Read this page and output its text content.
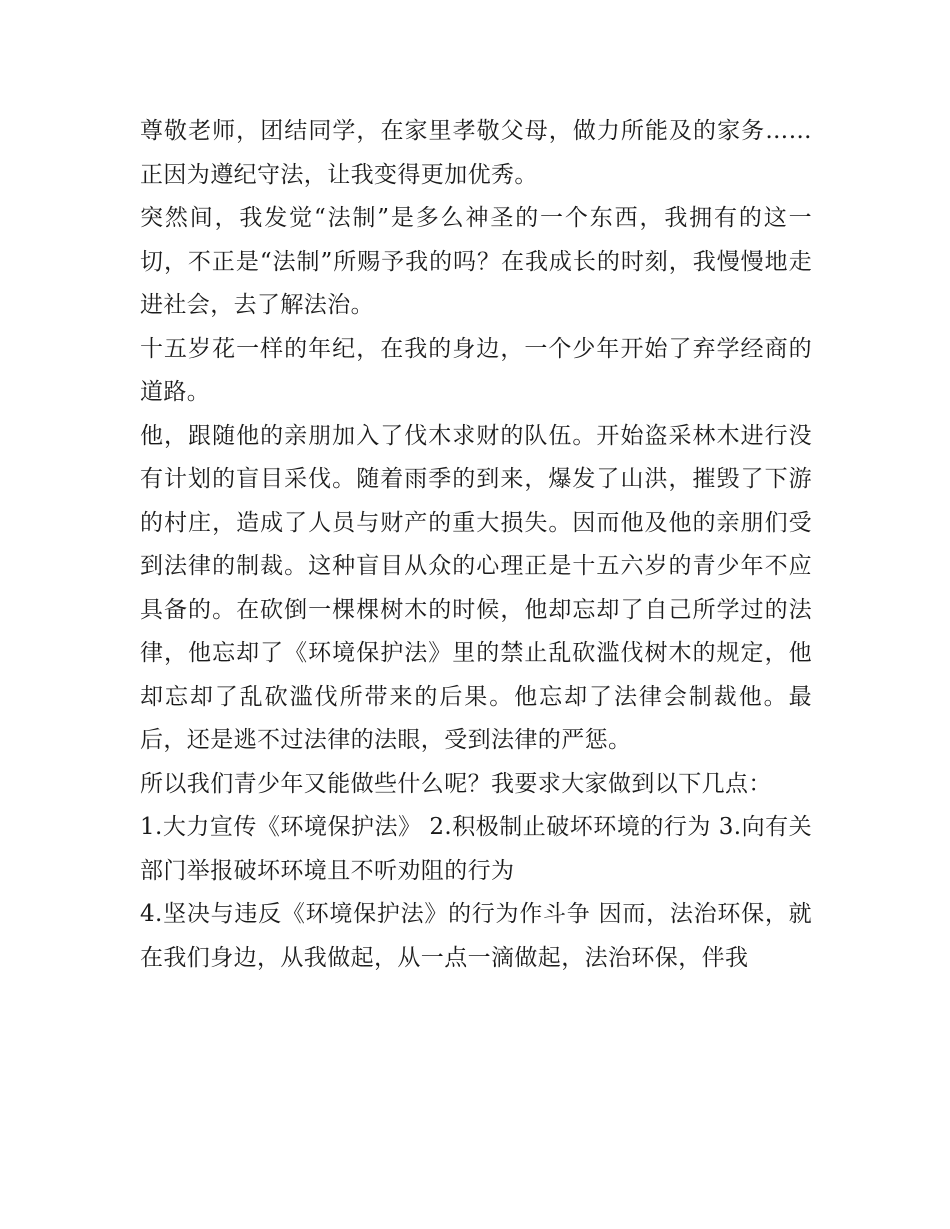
尊敬老师，团结同学，在家里孝敬父母，做力所能及的家务……正因为遵纪守法，让我变得更加优秀。

突然间，我发觉“法制”是多么神圣的一个东西，我拥有的这一切，不正是“法制”所赐予我的吗？在我成长的时刻，我慢慢地走进社会，去了解法治。

十五岁花一样的年纪，在我的身边，一个少年开始了弃学经商的道路。

他，跟随他的亲朋加入了伐木求财的队伍。开始盗采林木进行没有计划的盲目采伐。随着雨季的到来，爆发了山洪，摧毁了下游的村庄，造成了人员与财产的重大损失。因而他及他的亲朋们受到法律的制裁。这种盲目从众的心理正是十五六岁的青少年不应具备的。在砍倒一棵棵树木的时候，他却忘却了自己所学过的法律，他忘却了《环境保护法》里的禁止乱砍滥伐树木的规定，他却忘却了乱砍滥伐所带来的后果。他忘却了法律会制裁他。最后，还是逃不过法律的法眼，受到法律的严惩。

所以我们青少年又能做些什么呢？我要求大家做到以下几点：

1.大力宣传《环境保护法》 2.积极制止破坏环境的行为 3.向有关部门举报破坏环境且不听劝阻的行为

4.坚决与违反《环境保护法》的行为作斗争 因而，法治环保，就在我们身边，从我做起，从一点一滴做起，法治环保，伴我
